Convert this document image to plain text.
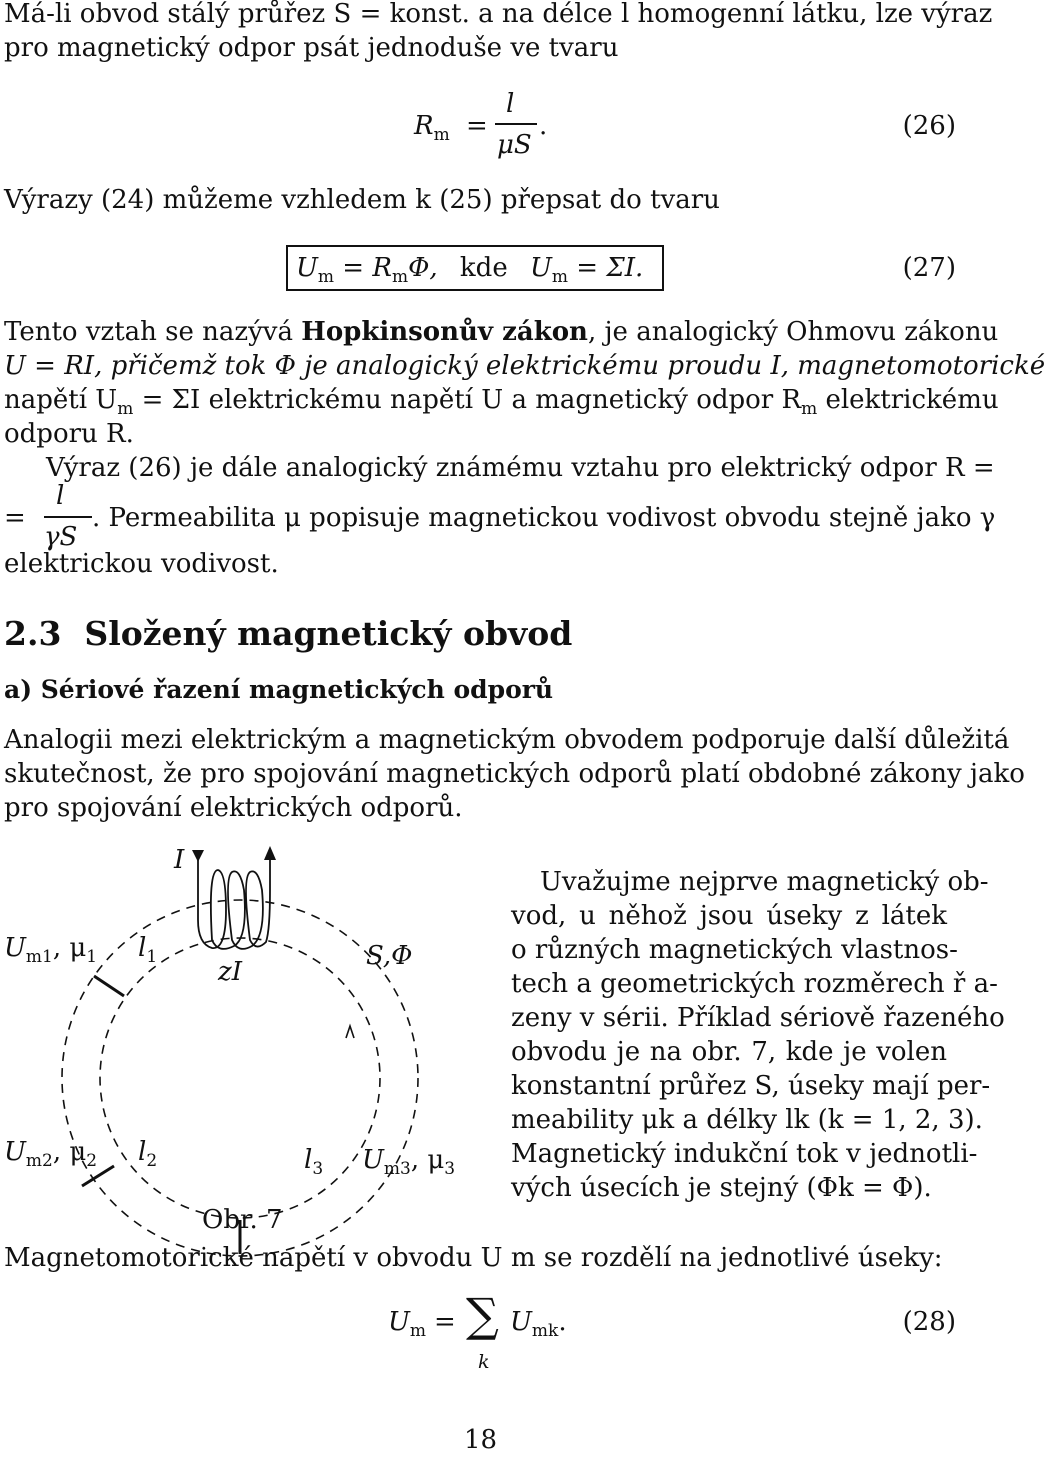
Má-li obvod stálý průřez S = konst. a na délce l homogenní látku, lze výraz
pro magnetický odpor psát jednoduše ve tvaru
$R_m$ =
l
μS
.	(26)
Výrazy (24) můžeme vzhledem k (25) přepsat do tvaru
$U_m = R_m\Phi$, kde $U_m = \Sigma I$.	(27)
Tento vztah se nazývá Hopkinsonův zákon, je analogický Ohmovu zákonu
U = RI, přičemž tok Φ je analogický elektrickému proudu I, magnetomotorické
napětí $U_m = \Sigma I$ elektrickému napětí U a magnetický odpor $R_m$ elektrickému
odporu R.
Výraz (26) je dále analogický známému vztahu pro elektrický odpor R =
=
l
γS
. Permeabilita μ popisuje magnetickou vodivost obvodu stejně jako γ
elektrickou vodivost.
2.3 Složený magnetický obvod
a) Sériové řazení magnetických odporů
Analogii mezi elektrickým a magnetickým obvodem podporuje další důležitá
skutečnost, že pro spojování magnetických odporů platí obdobné zákony jako
pro spojování elektrických odporů.
I
$U_{m1}$, $\mu_1$ $l_1$ zI
S,Φ
$U_{m2}$, $\mu_2$ $l_2$	$l_3$ $U_{m3}$, $\mu_3$
Obr. 7
Uvažujme nejprve magnetický ob-
vod, u něhož jsou úseky z látek
o různých magnetických vlastnos-
tech a geometrických rozměrech ř a-
zeny v sérii. Příklad sériově řazeného
obvodu je na obr. 7, kde je volen
konstantní průřez S, úseky mají per-
meability μk a délky lk (k = 1, 2, 3).
Magnetický indukční tok v jednotli-
vých úsecích je stejný (Φk = Φ).
Magnetomotorické napětí v obvodu U m se rozdělí na jednotlivé úseky:
$U_m$ = ∑
k
$U_{mk}$.	(28)
18
